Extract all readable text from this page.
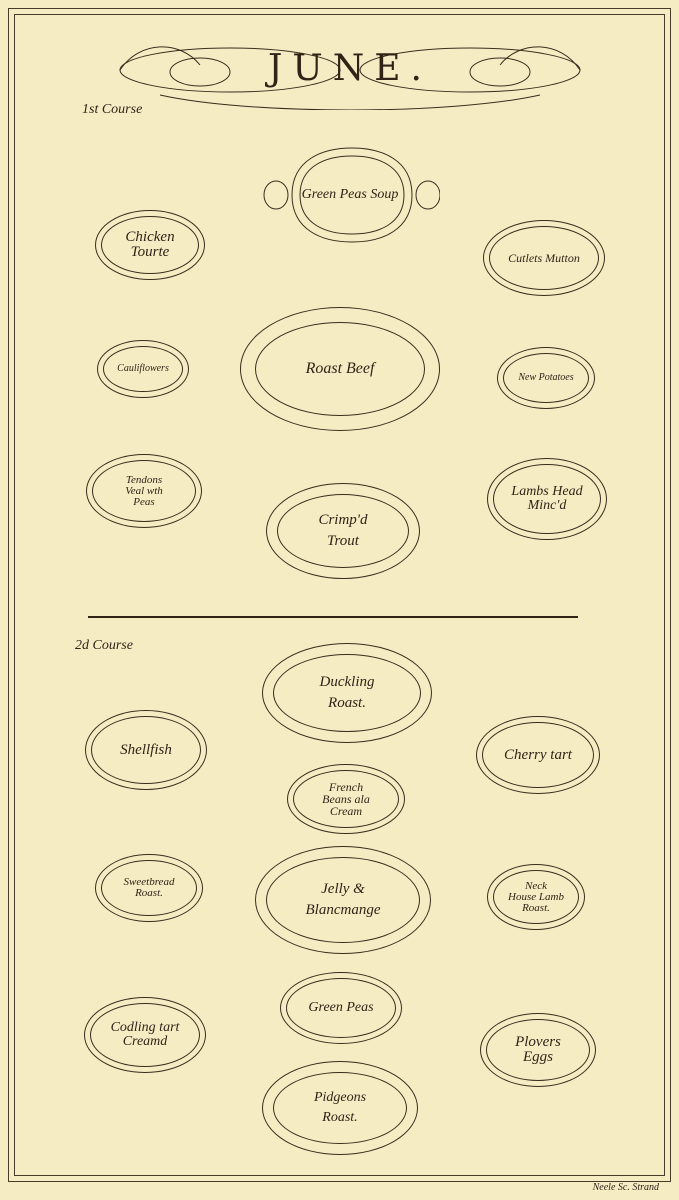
JUNE.
1st Course
Green Peas Soup
Chicken
Tourte	Cutlets Mutton
Cauliflowers	Roast Beef
New Potatoes
Tendons
Veal wth
Peas
Lambs Head
Minc'd
Crimp'd
Trout
2d Course
Duckling
Roast.
Shellfish	Cherry tart
French
Beans ala
Cream
Sweetbread
Roast.	Jelly &
Blancmange
Neck
House Lamb
Roast.
Green Peas
Codling tart
Creamd	Plovers
Eggs
Pidgeons
Roast.
Neele Sc. Strand
